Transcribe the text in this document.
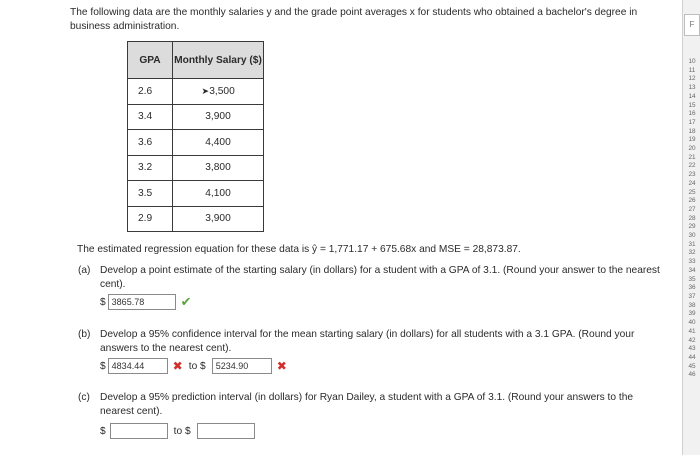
The following data are the monthly salaries y and the grade point averages x for students who obtained a bachelor's degree in business administration.
GPA	Monthly Salary ($)
2.6	➤3,500
3.4	3,900
3.6	4,400
3.2	3,800
3.5	4,100
2.9	3,900
The estimated regression equation for these data is ŷ = 1,771.17 + 675.68x and MSE = 28,873.87.
(a) Develop a point estimate of the starting salary (in dollars) for a student with a GPA of 3.1. (Round your answer to the nearest cent).
$ 3865.78	✔
(b) Develop a 95% confidence interval for the mean starting salary (in dollars) for all students with a 3.1 GPA. (Round your answers to the nearest cent).
$ 4834.44	✖ to $	5234.90	✖
(c) Develop a 95% prediction interval (in dollars) for Ryan Dailey, a student with a GPA of 3.1. (Round your answers to the nearest cent).
$	to $
F
10
11
12
13
14
15
16
17
18
19
20
21
22
23
24
25
26
27
28
29
30
31
32
33
34
35
36
37
38
39
40
41
42
43
44
45
46
